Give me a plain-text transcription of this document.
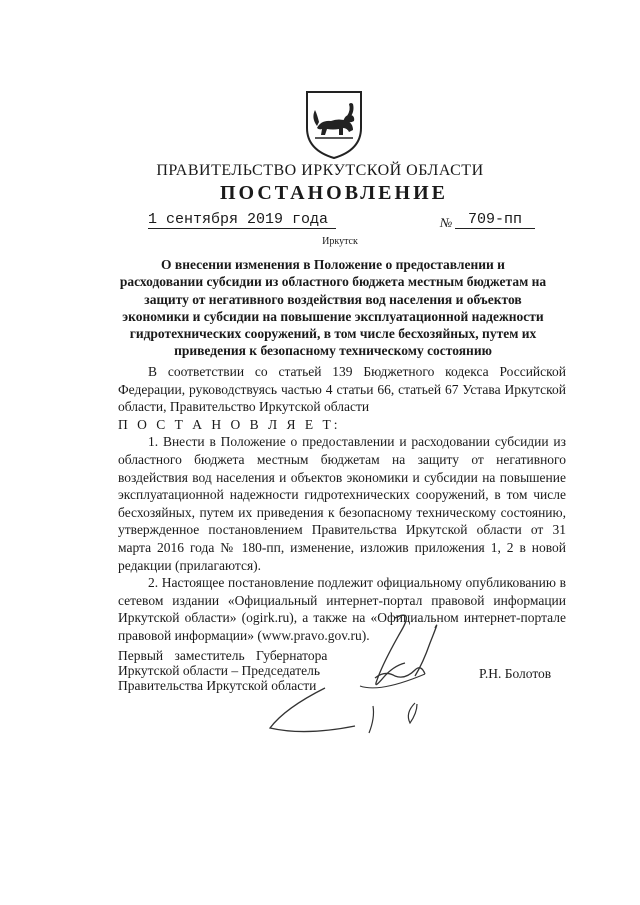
ПРАВИТЕЛЬСТВО ИРКУТСКОЙ ОБЛАСТИ
ПОСТАНОВЛЕНИЕ
1 сентября 2019 года	№	709-пп
Иркутск
О внесении изменения в Положение о предоставлении и расходовании субсидии из областного бюджета местным бюджетам на защиту от негативного воздействия вод населения и объектов экономики и субсидии на повышение эксплуатационной надежности гидротехнических сооружений, в том числе бесхозяйных, путем их приведения к безопасному техническому состоянию

В соответствии со статьей 139 Бюджетного кодекса Российской Федерации, руководствуясь частью 4 статьи 66, статьей 67 Устава Иркутской области, Правительство Иркутской области

П О С Т А Н О В Л Я Е Т:

1. Внести в Положение о предоставлении и расходовании субсидии из областного бюджета местным бюджетам на защиту от негативного воздействия вод населения и объектов экономики и субсидии на повышение эксплуатационной надежности гидротехнических сооружений, в том числе бесхозяйных, путем их приведения к безопасному техническому состоянию, утвержденное постановлением Правительства Иркутской области от 31 марта 2016 года № 180-пп, изменение, изложив приложения 1, 2 в новой редакции (прилагаются).

2. Настоящее постановление подлежит официальному опубликованию в сетевом издании «Официальный интернет-портал правовой информации Иркутской области» (ogirk.ru), а также на «Официальном интернет-портале правовой информации» (www.pravo.gov.ru).

Первый заместитель Губернатора
Иркутской области – Председатель
Правительства Иркутской области
Р.Н. Болотов
